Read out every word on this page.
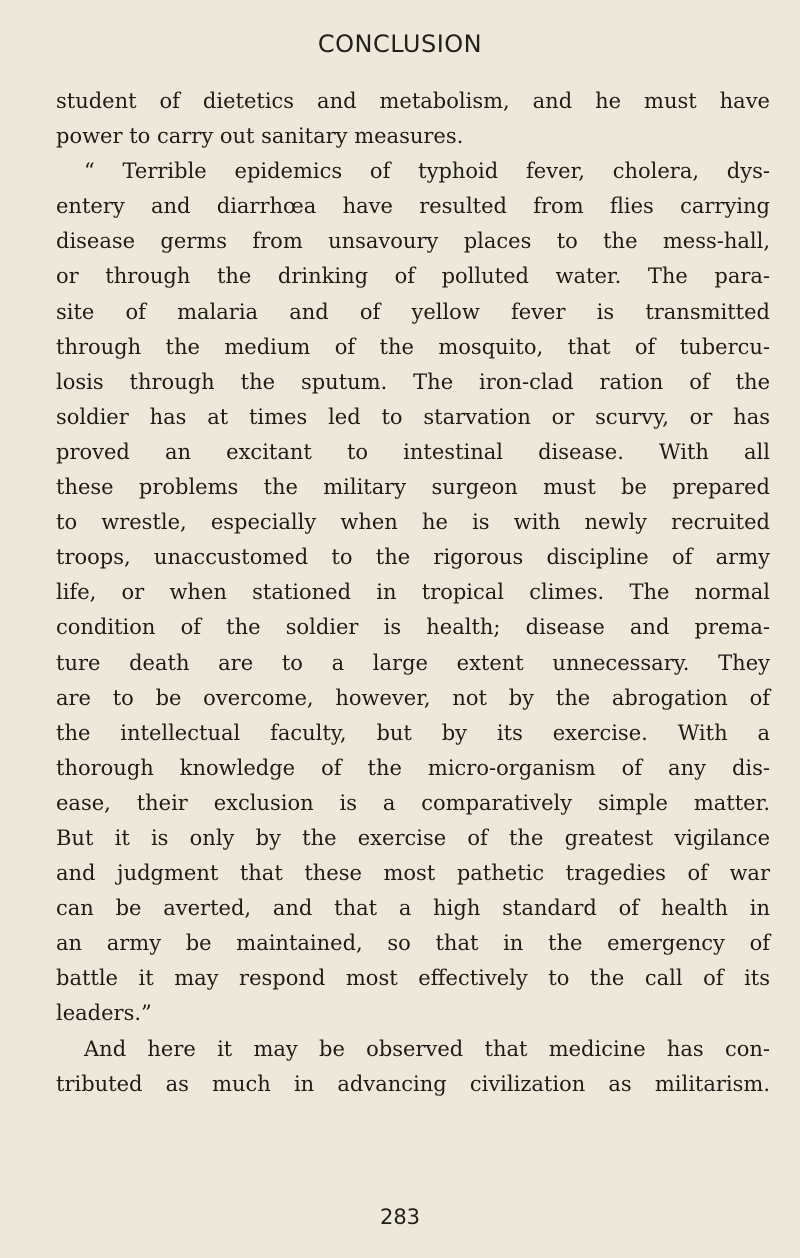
CONCLUSION
student of dietetics and metabolism, and he must have
power to carry out sanitary measures.
“ Terrible epidemics of typhoid fever, cholera, dys-
entery and diarrhœa have resulted from flies carrying
disease germs from unsavoury places to the mess-hall,
or through the drinking of polluted water. The para-
site of malaria and of yellow fever is transmitted
through the medium of the mosquito, that of tubercu-
losis through the sputum. The iron-clad ration of the
soldier has at times led to starvation or scurvy, or has
proved an excitant to intestinal disease. With all
these problems the military surgeon must be prepared
to wrestle, especially when he is with newly recruited
troops, unaccustomed to the rigorous discipline of army
life, or when stationed in tropical climes. The normal
condition of the soldier is health; disease and prema-
ture death are to a large extent unnecessary. They
are to be overcome, however, not by the abrogation of
the intellectual faculty, but by its exercise. With a
thorough knowledge of the micro-organism of any dis-
ease, their exclusion is a comparatively simple matter.
But it is only by the exercise of the greatest vigilance
and judgment that these most pathetic tragedies of war
can be averted, and that a high standard of health in
an army be maintained, so that in the emergency of
battle it may respond most effectively to the call of its
leaders.”
And here it may be observed that medicine has con-
tributed as much in advancing civilization as militarism.
283
